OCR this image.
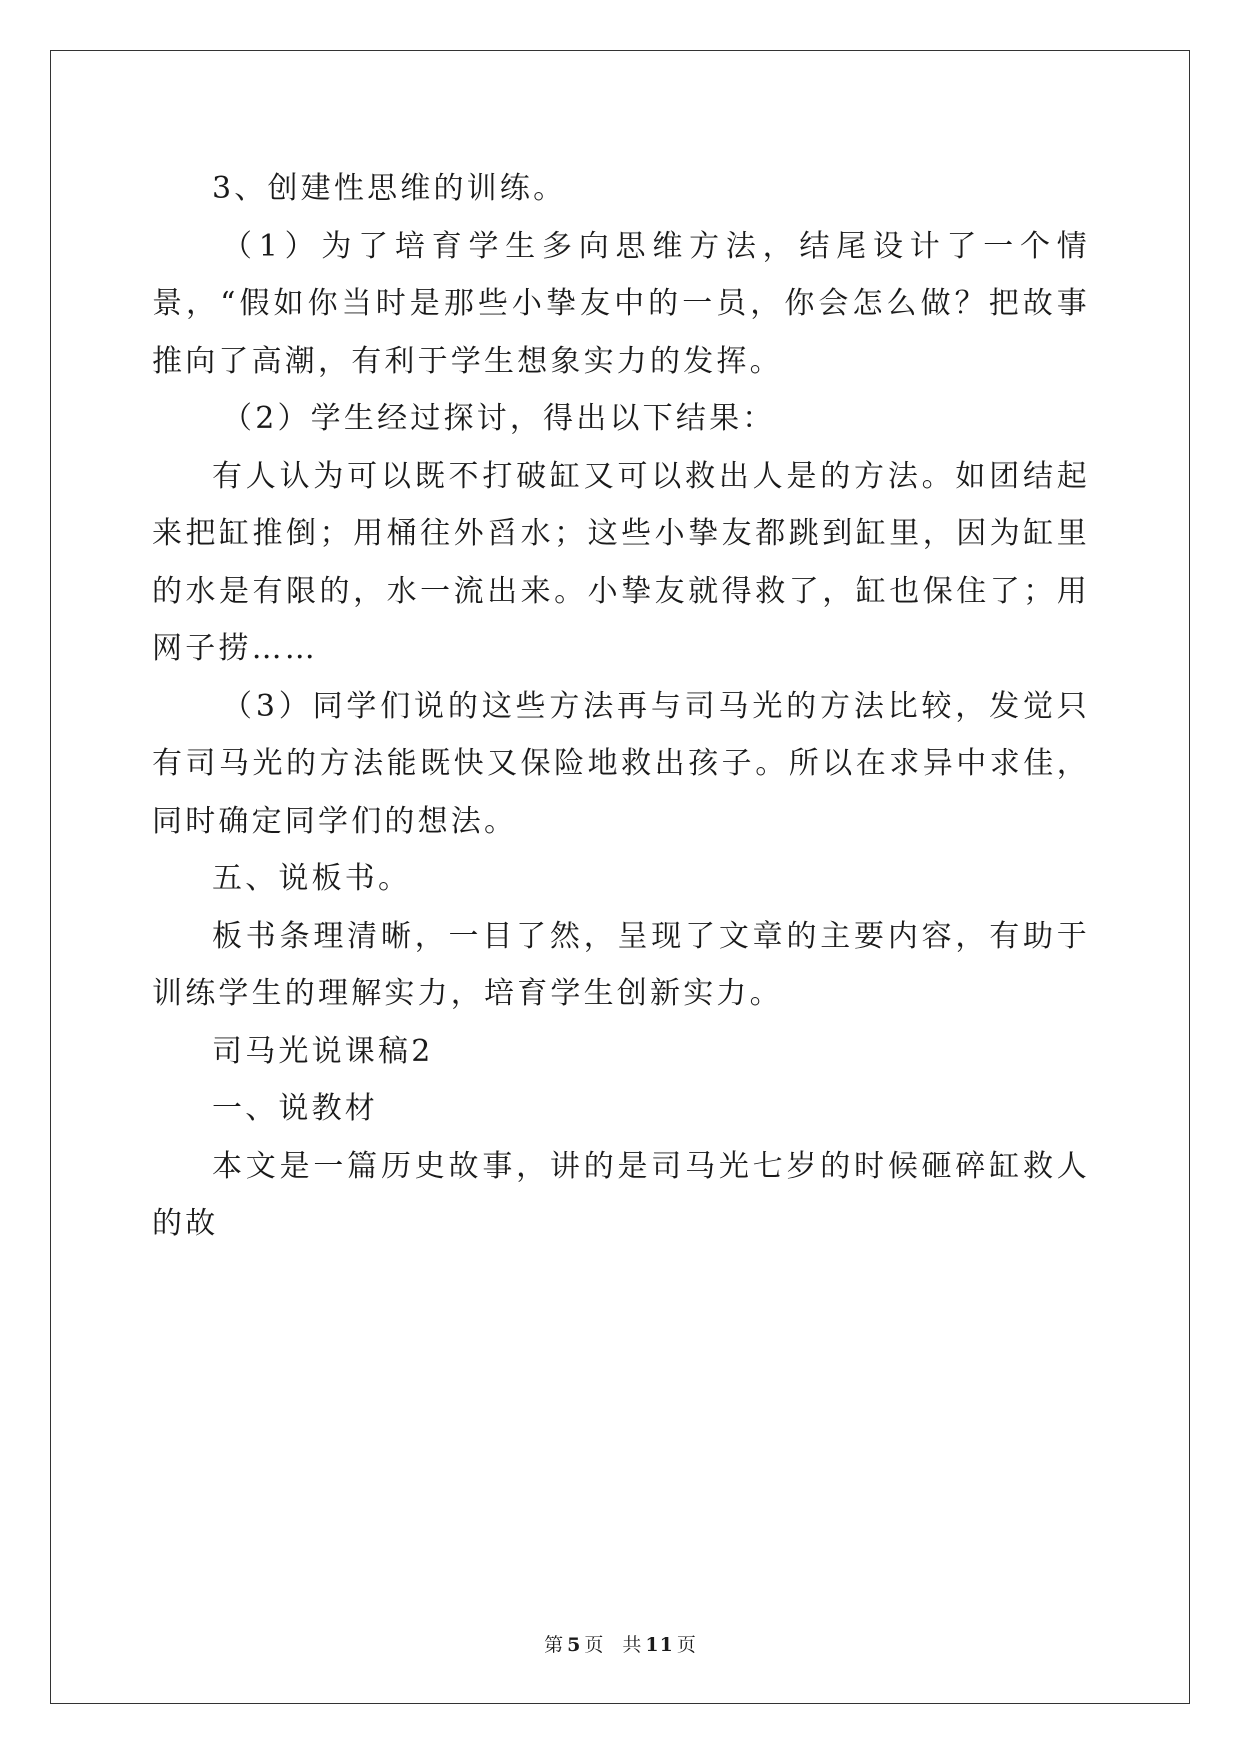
3、创建性思维的训练。

（1）为了培育学生多向思维方法，结尾设计了一个情景，“假如你当时是那些小挚友中的一员，你会怎么做？把故事推向了高潮，有利于学生想象实力的发挥。

（2）学生经过探讨，得出以下结果：

有人认为可以既不打破缸又可以救出人是的方法。如团结起来把缸推倒；用桶往外舀水；这些小挚友都跳到缸里，因为缸里的水是有限的，水一流出来。小挚友就得救了，缸也保住了；用网子捞……

（3）同学们说的这些方法再与司马光的方法比较，发觉只有司马光的方法能既快又保险地救出孩子。所以在求异中求佳，同时确定同学们的想法。

五、说板书。

板书条理清晰，一目了然，呈现了文章的主要内容，有助于训练学生的理解实力，培育学生创新实力。

司马光说课稿2

一、说教材

本文是一篇历史故事，讲的是司马光七岁的时候砸碎缸救人的故

第 5 页 共 11 页
